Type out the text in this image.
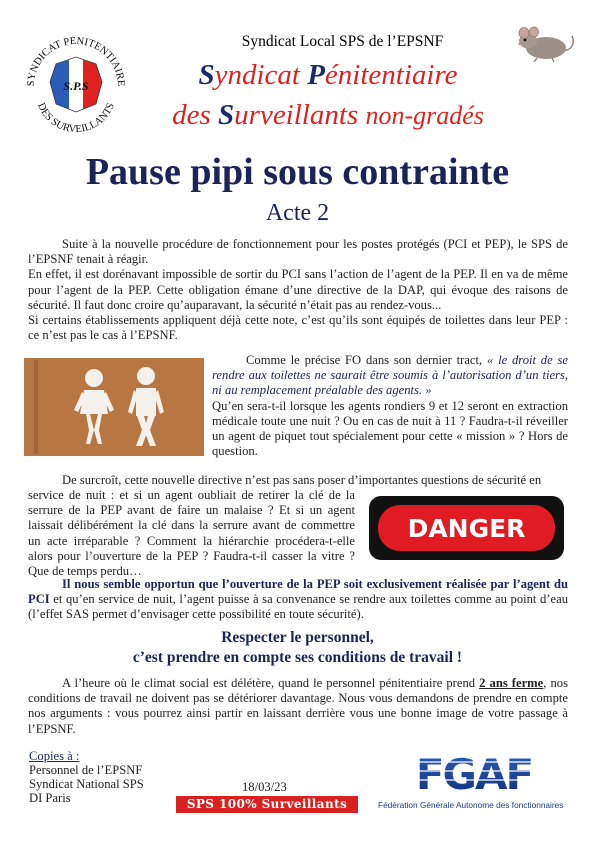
SYNDICAT PENITENTIAIRE
DES SURVEILLANTS
S.P.S
Syndicat Local SPS de l’EPSNF
Syndicat Pénitentiaire
des Surveillants non-gradés
Pause pipi sous contrainte
Acte 2
Suite à la nouvelle procédure de fonctionnement pour les postes protégés (PCI et PEP), le SPS de l’EPSNF tenait à réagir.
En effet, il est dorénavant impossible de sortir du PCI sans l’action de l’agent de la PEP. Il en va de même pour l’agent de la PEP. Cette obligation émane d’une directive de la DAP, qui évoque des raisons de sécurité. Il faut donc croire qu’auparavant, la sécurité n’était pas au rendez-vous...
Si certains établissements appliquent déjà cette note, c’est qu’ils sont équipés de toilettes dans leur PEP : ce n’est pas le cas à l’EPSNF.
Comme le précise FO dans son dernier tract, « le droit de se rendre aux toilettes ne saurait être soumis à l’autorisation d’un tiers, ni au remplacement préalable des agents. »
Qu’en sera-t-il lorsque les agents rondiers 9 et 12 seront en extraction médicale toute une nuit ? Ou en cas de nuit à 11 ? Faudra-t-il réveiller un agent de piquet tout spécialement pour cette « mission » ? Hors de question.
De surcroît, cette nouvelle directive n’est pas sans poser d’importantes questions de sécurité en
service de nuit : et si un agent oubliait de retirer la clé de la serrure de la PEP avant de faire un malaise ? Et si un agent laissait délibérément la clé dans la serrure avant de commettre un acte irréparable ? Comment la hiérarchie procédera-t-elle alors pour l’ouverture de la PEP ? Faudra-t-il casser la vitre ? Que de temps perdu…
DANGER
Il nous semble opportun que l’ouverture de la PEP soit exclusivement réalisée par l’agent du PCI et qu’en service de nuit, l’agent puisse à sa convenance se rendre aux toilettes comme au point d’eau (l’effet SAS permet d’envisager cette possibilité en toute sécurité).
Respecter le personnel,
c’est prendre en compte ses conditions de travail !
A l’heure où le climat social est délétère, quand le personnel pénitentiaire prend 2 ans ferme, nos conditions de travail ne doivent pas se détériorer davantage. Nous vous demandons de prendre en compte nos arguments : vous pourrez ainsi partir en laissant derrière vous une bonne image de votre passage à l’EPSNF.
Copies à :
Personnel de l’EPSNF
Syndicat National SPS
DI Paris
18/03/23
SPS 100% Surveillants
FGAF
Fédération Générale Autonome des fonctionnaires
